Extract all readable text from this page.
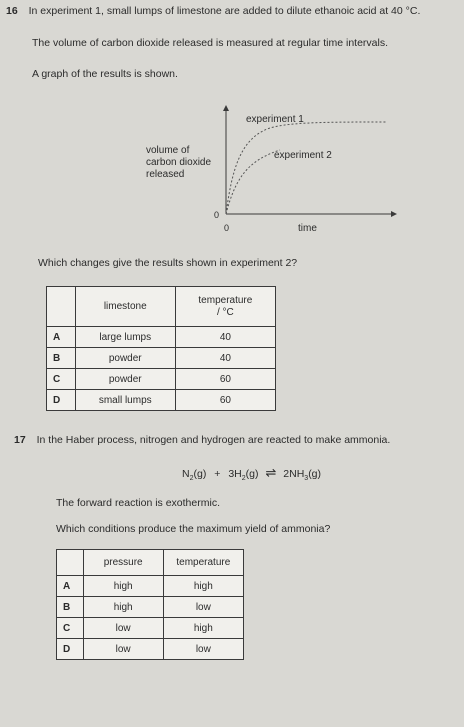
16 In experiment 1, small lumps of limestone are added to dilute ethanoic acid at 40 °C.
The volume of carbon dioxide released is measured at regular time intervals.
A graph of the results is shown.
volume of
carbon dioxide
released
experiment 1
experiment 2
0
0	time
Which changes give the results shown in experiment 2?
	limestone	temperature
/ °C
A	large lumps	40
B	powder	40
C	powder	60
D	small lumps	60
17 In the Haber process, nitrogen and hydrogen are reacted to make ammonia.
$N_2(g) + 3H_2(g)$ ⇌ $2NH_3(g)$
The forward reaction is exothermic.
Which conditions produce the maximum yield of ammonia?
	pressure	temperature
A	high	high
B	high	low
C	low	high
D	low	low
